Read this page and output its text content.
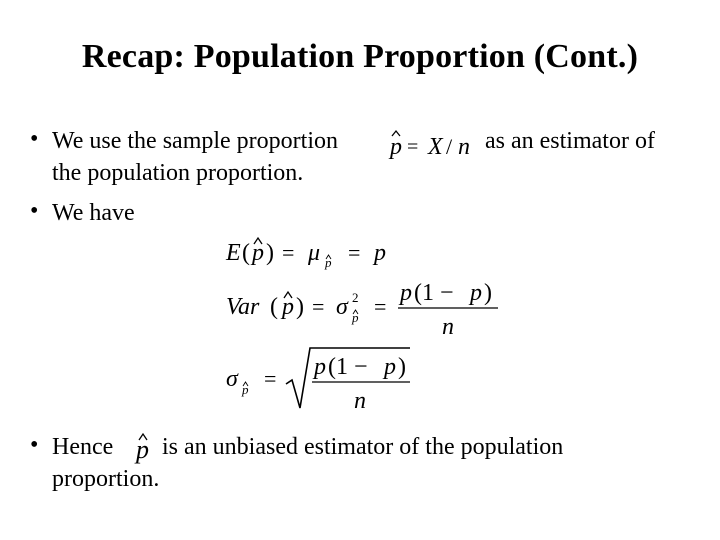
Recap: Population Proportion (Cont.)
• We use the sample proportion p = X / n as an estimator of
the population proportion.
• We have
E ( p ) = μ p = p
Var ( p ) = σ 2
p =
p (1 − p )
n
σ p = p (1 − p )
n
• Hence p is an unbiased estimator of the population
proportion.
